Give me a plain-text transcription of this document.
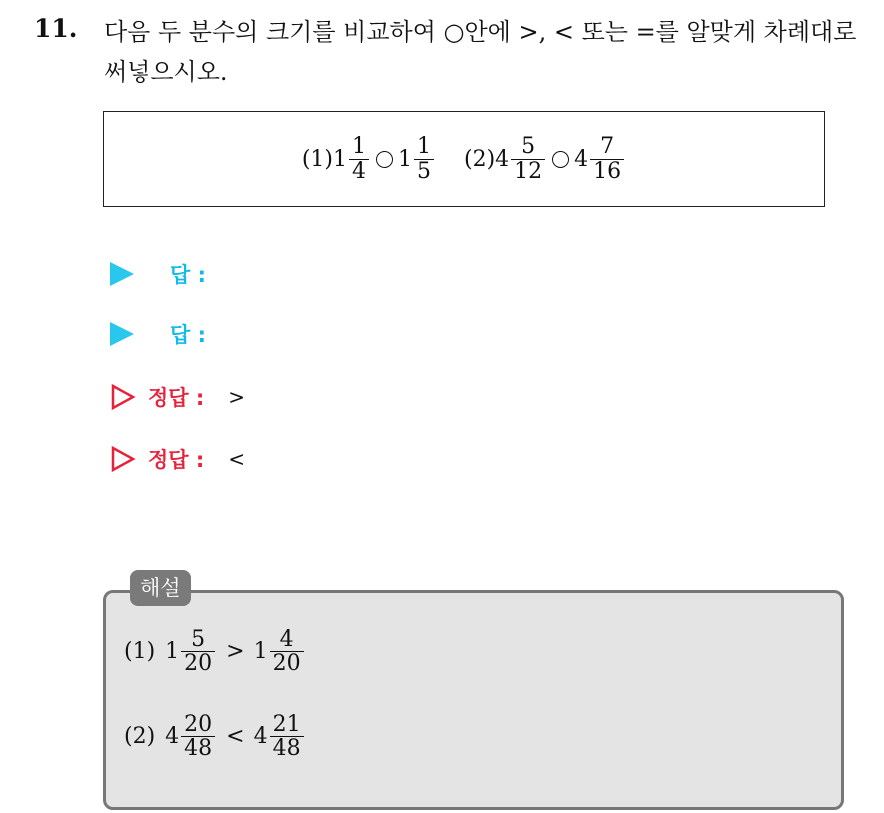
11. 다음 두 분수의 크기를 비교하여 ○안에 >, < 또는 =를 알맞게 차례대로 써넣으시오.
(1) $1 \frac{1}{4} 1 \frac{1}{5} (2)$ $4 \frac{5}{12} 4 \frac{7}{16}$
답 :
답 :
정답 : >
정답 : <
해설
(1) $1 \frac{5}{20} > 1 \frac{4}{20}$
(2) $4 \frac{20}{48} < 4 \frac{21}{48}$
